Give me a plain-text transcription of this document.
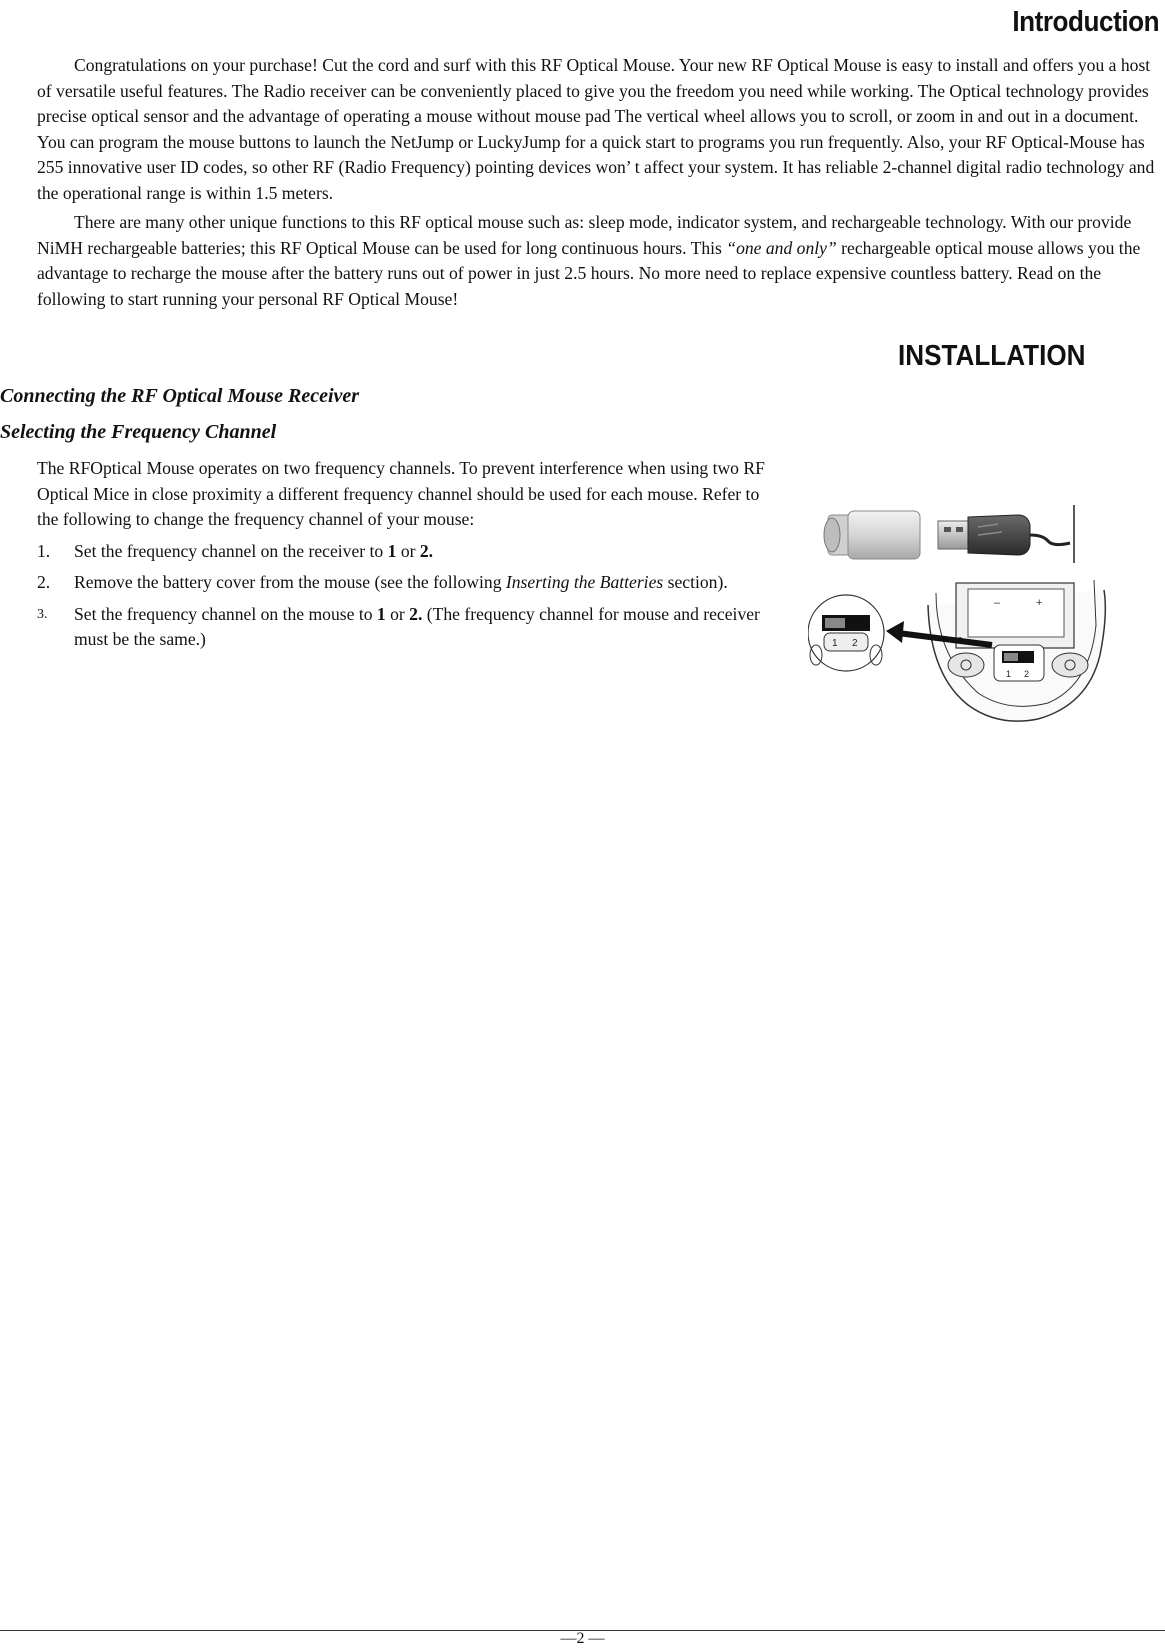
Introduction

Congratulations on your purchase! Cut the cord and surf with this RF Optical Mouse. Your new RF Optical Mouse is easy to install and offers you a host of versatile useful features. The Radio receiver can be conveniently placed to give you the freedom you need while working. The Optical technology provides precise optical sensor and the advantage of operating a mouse without mouse pad The vertical wheel allows you to scroll, or zoom in and out in a document. You can program the mouse buttons to launch the NetJump or LuckyJump for a quick start to programs you run frequently. Also, your RF Optical-Mouse has 255 innovative user ID codes, so other RF (Radio Frequency) pointing devices won’ t affect your system. It has reliable 2-channel digital radio technology and the operational range is within 1.5 meters.

There are many other unique functions to this RF optical mouse such as: sleep mode, indicator system, and rechargeable technology. With our provide NiMH rechargeable batteries; this RF Optical Mouse can be used for long continuous hours. This “one and only” rechargeable optical mouse allows you the advantage to recharge the mouse after the battery runs out of power in just 2.5 hours. No more need to replace expensive countless battery. Read on the following to start running your personal RF Optical Mouse!

INSTALLATION
Connecting the RF Optical Mouse Receiver
Selecting the Frequency Channel

The RFOptical Mouse operates on two frequency channels. To prevent interference when using two RF Optical Mice in close proximity a different frequency channel should be used for each mouse. Refer to the following to change the frequency channel of your mouse:

1. Set the frequency channel on the receiver to 1 or 2.
2. Remove the battery cover from the mouse (see the following Inserting the Batteries section).
3. Set the frequency channel on the mouse to 1 or 2. (The frequency channel for mouse and receiver must be the same.)
–	+
1 2
1 2
—2 —
